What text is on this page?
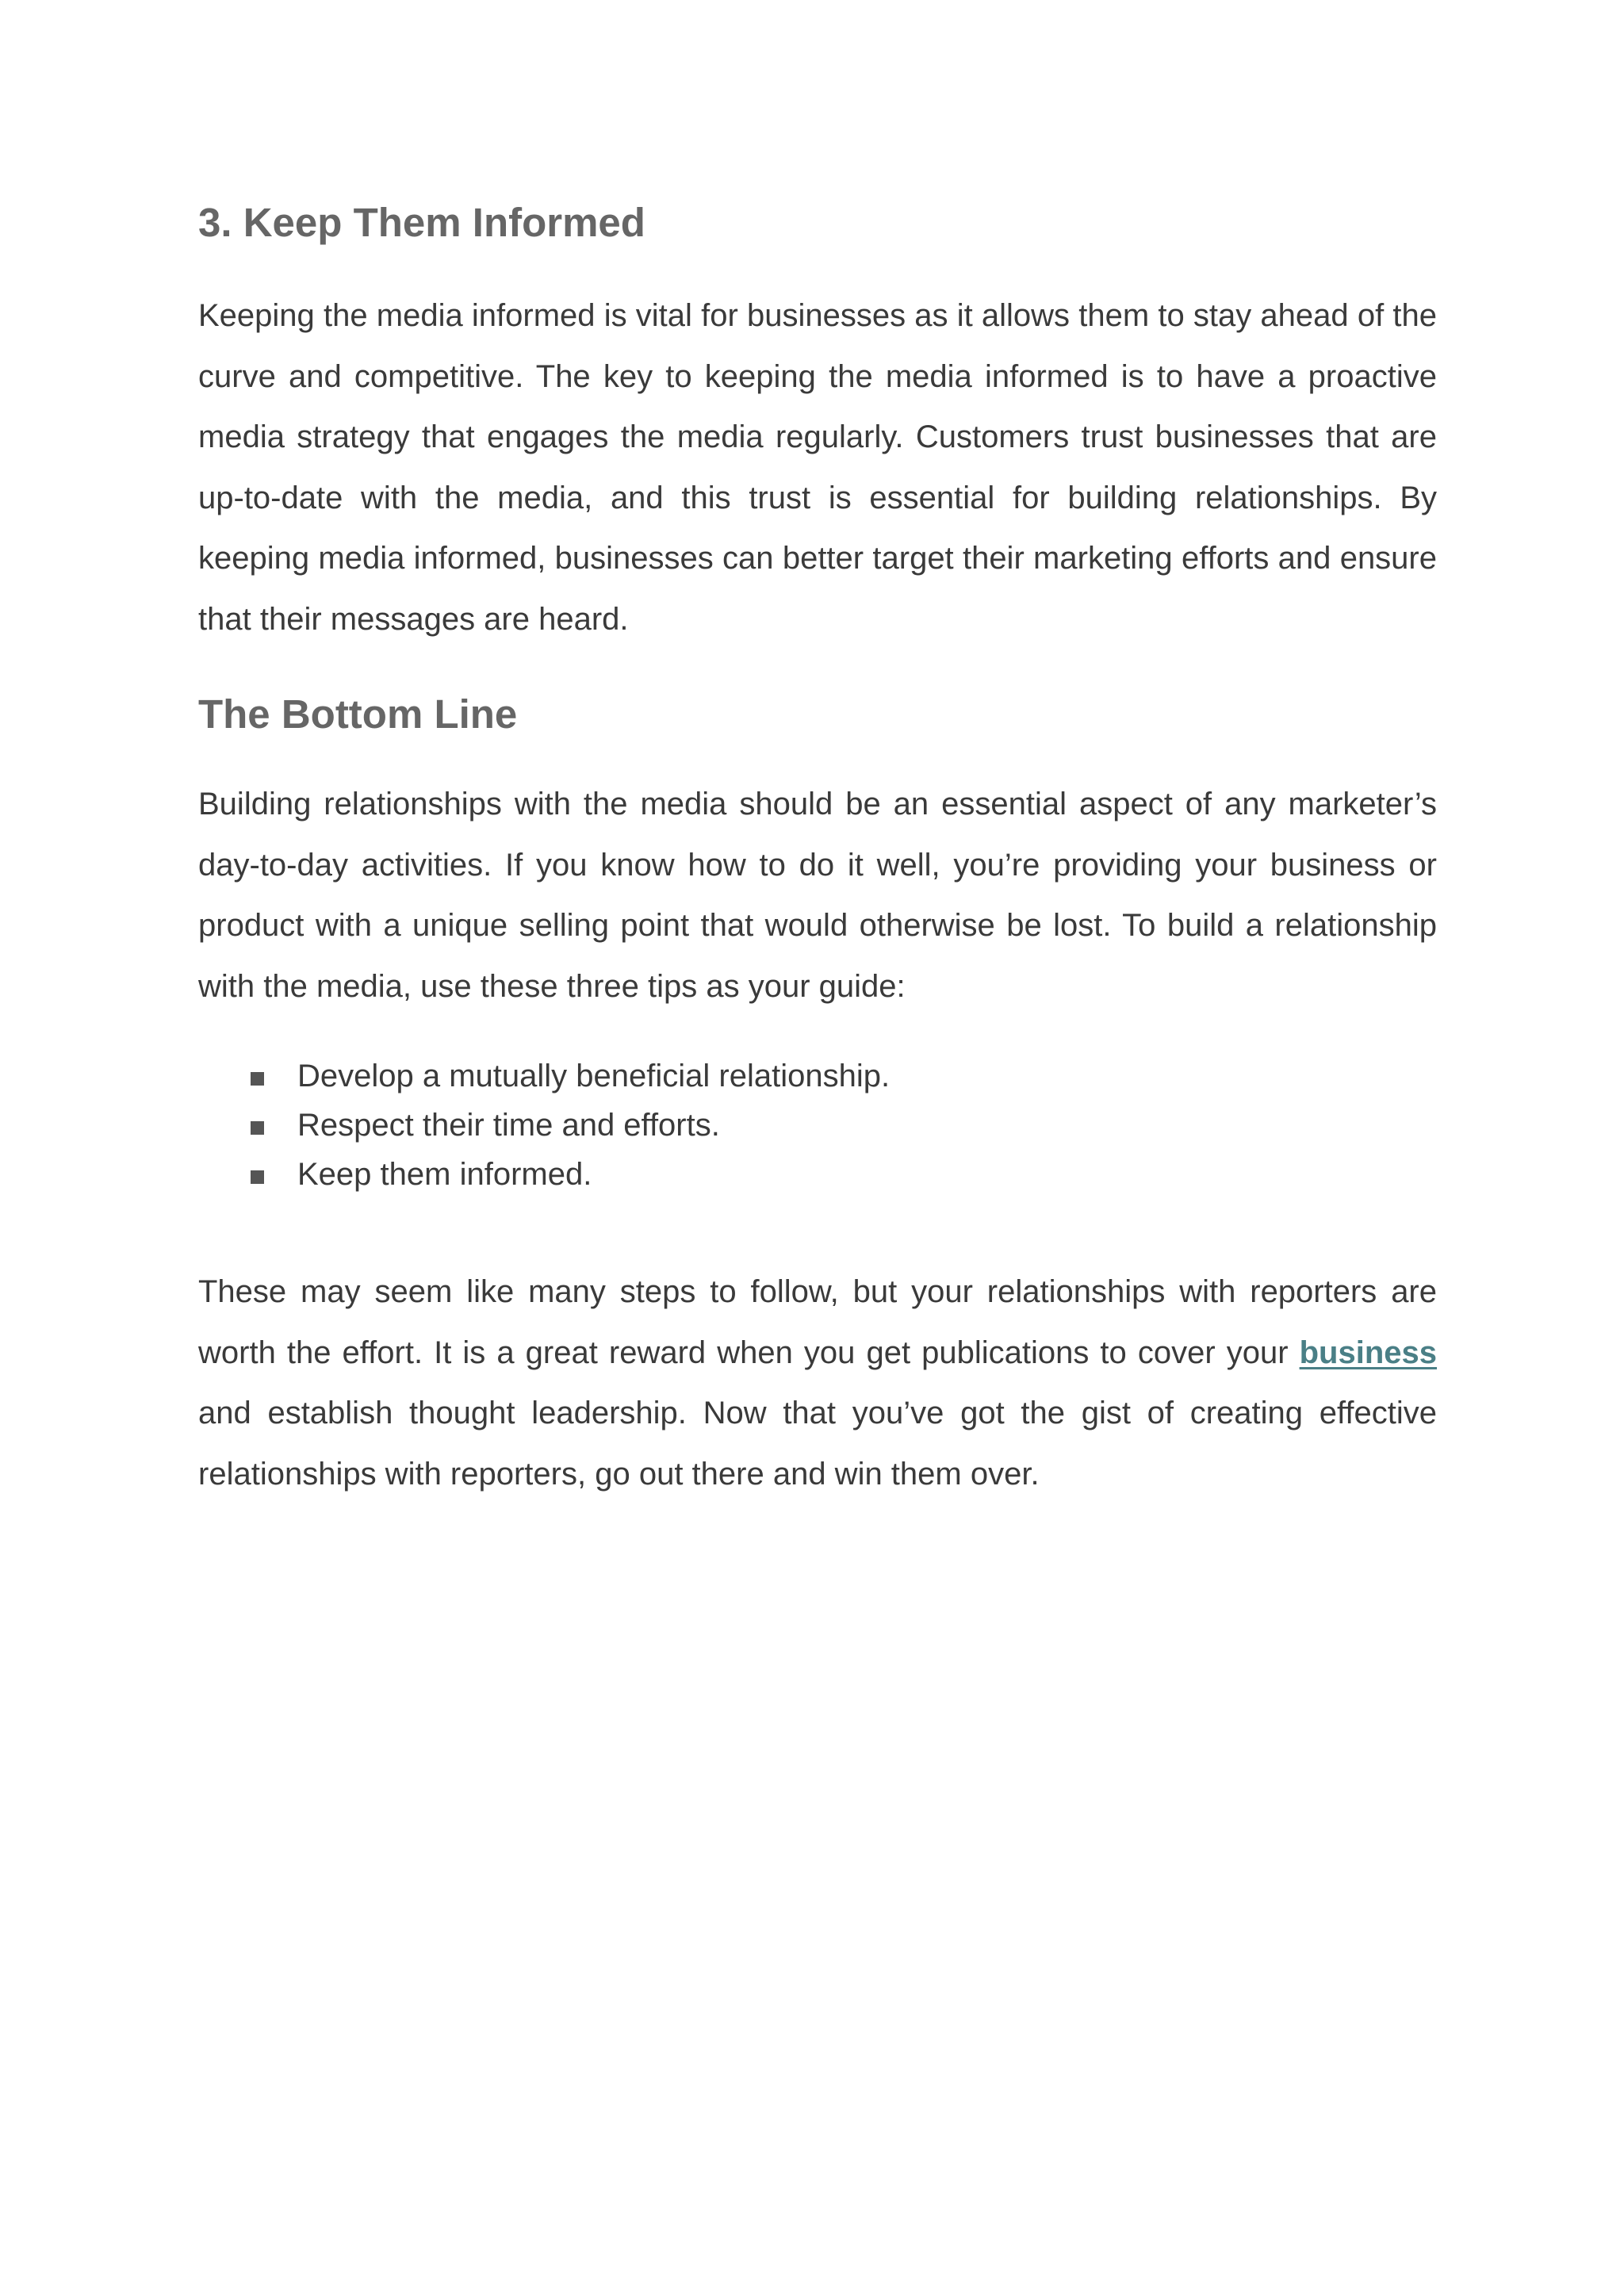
3. Keep Them Informed

Keeping the media informed is vital for businesses as it allows them to stay ahead of the curve and competitive. The key to keeping the media informed is to have a proactive media strategy that engages the media regularly. Customers trust businesses that are up-to-date with the media, and this trust is essential for building relationships. By keeping media informed, businesses can better target their marketing efforts and ensure that their messages are heard.

The Bottom Line

Building relationships with the media should be an essential aspect of any marketer’s day-to-day activities. If you know how to do it well, you’re providing your business or product with a unique selling point that would otherwise be lost. To build a relationship with the media, use these three tips as your guide:

Develop a mutually beneficial relationship.
Respect their time and efforts.
Keep them informed.

These may seem like many steps to follow, but your relationships with reporters are worth the effort. It is a great reward when you get publications to cover your business and establish thought leadership. Now that you’ve got the gist of creating effective relationships with reporters, go out there and win them over.
